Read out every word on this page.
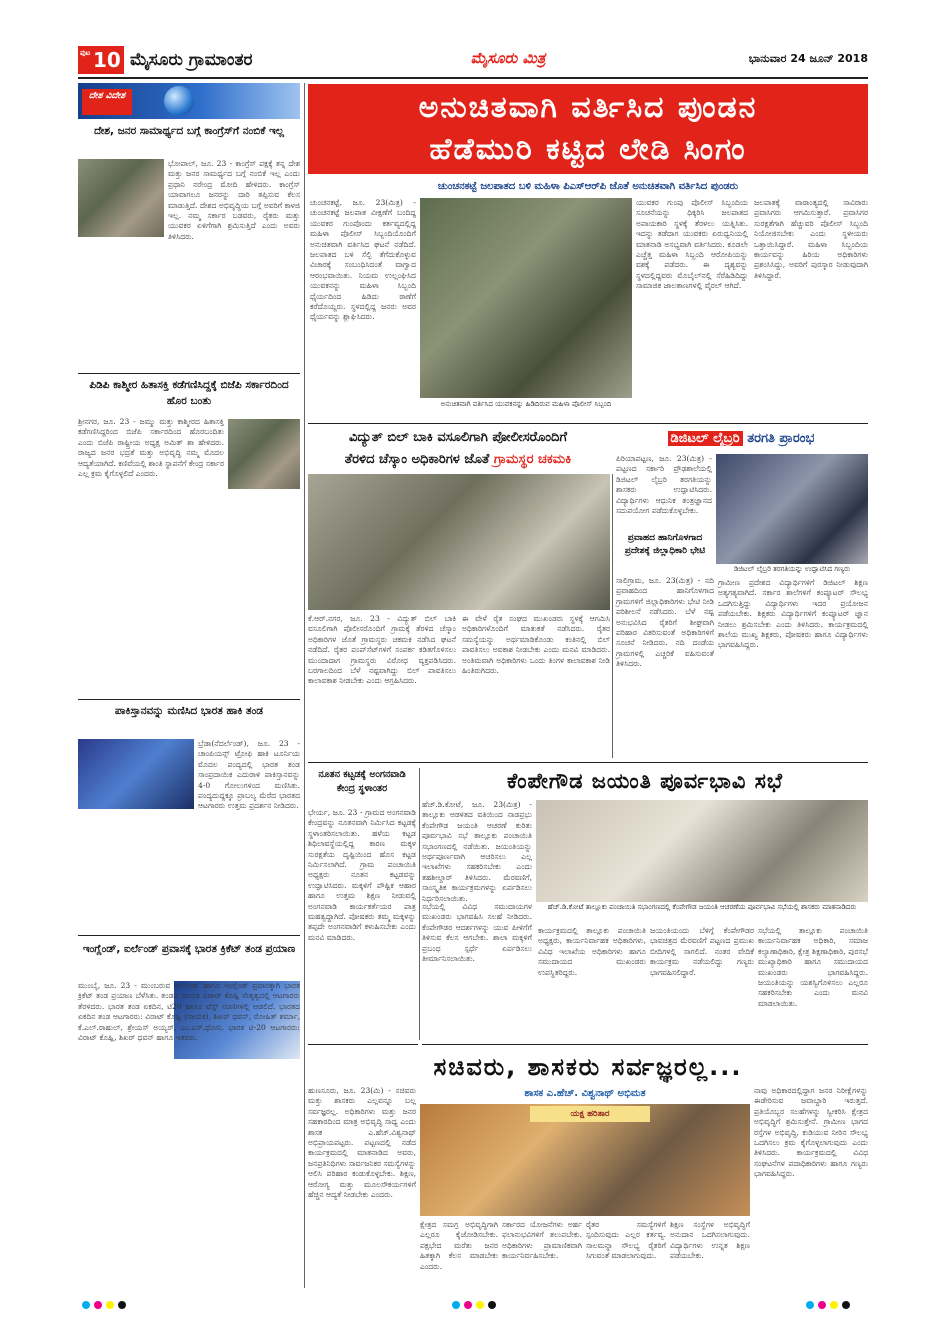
ಪುಟ 10 ಮೈಸೂರು ಗ್ರಾಮಾಂತರ	ಮೈಸೂರು ಮಿತ್ರ	ಭಾನುವಾರ 24 ಜೂನ್ 2018
ದೇಶ ವಿದೇಶ
ದೇಶ, ಜನರ ಸಾಮಾರ್ಥ್ಯದ ಬಗ್ಗೆ ಕಾಂಗ್ರೆಸ್‌ಗೆ ನಂಬಿಕೆ ಇಲ್ಲ
ಭೋಪಾಲ್, ಜೂ. 23 - ಕಾಂಗ್ರೆಸ್ ಪಕ್ಷಕ್ಕೆ ತನ್ನ ದೇಶ ಮತ್ತು ಜನರ ಸಾಮರ್ಥ್ಯದ ಬಗ್ಗೆ ನಂಬಿಕೆ ಇಲ್ಲ ಎಂದು ಪ್ರಧಾನಿ ನರೇಂದ್ರ ಮೋದಿ ಹೇಳಿದರು. ಕಾಂಗ್ರೆಸ್ ಯಾವಾಗಲೂ ಜನರನ್ನು ದಾರಿ ತಪ್ಪಿಸುವ ಕೆಲಸ ಮಾಡುತ್ತಿದೆ. ದೇಶದ ಅಭಿವೃದ್ಧಿಯ ಬಗ್ಗೆ ಅವರಿಗೆ ಕಾಳಜಿ ಇಲ್ಲ. ನಮ್ಮ ಸರ್ಕಾರ ಬಡವರು, ರೈತರು ಮತ್ತು ಯುವಕರ ಏಳಿಗೆಗಾಗಿ ಶ್ರಮಿಸುತ್ತಿದೆ ಎಂದು ಅವರು ತಿಳಿಸಿದರು.
ಪಿಡಿಪಿ ಕಾಶ್ಮೀರ ಹಿತಾಸಕ್ತಿ ಕಡೆಗಣಿಸಿದ್ದಕ್ಕೆ ಬಿಜೆಪಿ ಸರ್ಕಾರದಿಂದ ಹೊರ ಬಂತು
ಶ್ರೀನಗರ, ಜೂ. 23 - ಜಮ್ಮು ಮತ್ತು ಕಾಶ್ಮೀರದ ಹಿತಾಸಕ್ತಿ ಕಡೆಗಣಿಸಿದ್ದರಿಂದ ಬಿಜೆಪಿ ಸರ್ಕಾರದಿಂದ ಹೊರಬಂದಿತು ಎಂದು ಬಿಜೆಪಿ ರಾಷ್ಟ್ರೀಯ ಅಧ್ಯಕ್ಷ ಅಮಿತ್ ಶಾ ಹೇಳಿದರು. ರಾಜ್ಯದ ಜನರ ಭದ್ರತೆ ಮತ್ತು ಅಭಿವೃದ್ಧಿ ನಮ್ಮ ಮೊದಲ ಆದ್ಯತೆಯಾಗಿದೆ. ಕಣಿವೆಯಲ್ಲಿ ಶಾಂತಿ ಸ್ಥಾಪನೆಗೆ ಕೇಂದ್ರ ಸರ್ಕಾರ ಎಲ್ಲ ಕ್ರಮ ಕೈಗೊಳ್ಳಲಿದೆ ಎಂದರು.
ಪಾಕಿಸ್ತಾನವನ್ನು ಮಣಿಸಿದ ಭಾರತ ಹಾಕಿ ತಂಡ
ಬ್ರೆಡಾ(ನೆದರ್ಲೆಂಡ್), ಜೂ. 23 - ಚಾಂಪಿಯನ್ಸ್ ಟ್ರೋಫಿ ಹಾಕಿ ಟೂರ್ನಿಯ ಮೊದಲ ಪಂದ್ಯದಲ್ಲಿ ಭಾರತ ತಂಡ ಸಾಂಪ್ರದಾಯಿಕ ಎದುರಾಳಿ ಪಾಕಿಸ್ತಾನವನ್ನು 4-0 ಗೋಲುಗಳಿಂದ ಮಣಿಸಿತು. ಪಂದ್ಯದುದ್ದಕ್ಕೂ ಪ್ರಾಬಲ್ಯ ಮೆರೆದ ಭಾರತದ ಆಟಗಾರರು ಉತ್ತಮ ಪ್ರದರ್ಶನ ನೀಡಿದರು.
ಇಂಗ್ಲೆಂಡ್, ಐರ್ಲೆಂಡ್ ಪ್ರವಾಸಕ್ಕೆ ಭಾರತ ಕ್ರಿಕೆಟ್ ತಂಡ ಪ್ರಯಾಣ
ಮುಂಬೈ, ಜೂ. 23 - ಮುಂಬರುವ ಐರ್ಲೆಂಡ್ ಹಾಗೂ ಇಂಗ್ಲೆಂಡ್ ಪ್ರವಾಸಕ್ಕಾಗಿ ಭಾರತ ಕ್ರಿಕೆಟ್ ತಂಡ ಪ್ರಯಾಣ ಬೆಳೆಸಿತು. ತಂಡದ ನಾಯಕ ವಿರಾಟ್ ಕೊಹ್ಲಿ ನೇತೃತ್ವದಲ್ಲಿ ಆಟಗಾರರು ತೆರಳಿದರು. ಭಾರತ ತಂಡ ಏಕದಿನ, ಟಿ20 ಹಾಗೂ ಟೆಸ್ಟ್ ಸರಣಿಗಳಲ್ಲಿ ಆಡಲಿದೆ. ಭಾರತದ ಏಕದಿನ ತಂಡ ಆಟಗಾರರು: ವಿರಾಟ್ ಕೊಹ್ಲಿ (ನಾಯಕ), ಶಿಖರ್ ಧವನ್, ರೋಹಿತ್ ಶರ್ಮಾ, ಕೆ.ಎಲ್.ರಾಹುಲ್, ಶ್ರೇಯಸ್ ಅಯ್ಯರ್, ಎಂ.ಎಸ್.ಧೋನಿ. ಭಾರತ ಟಿ-20 ಆಟಗಾರರು: ವಿರಾಟ್ ಕೊಹ್ಲಿ, ಶಿಖರ್ ಧವನ್ ಹಾಗೂ ಇತರರು.
ಅನುಚಿತವಾಗಿ ವರ್ತಿಸಿದ ಪುಂಡನ
ಹೆಡೆಮುರಿ ಕಟ್ಟಿದ ಲೇಡಿ ಸಿಂಗಂ
ಚುಂಚನಕಟ್ಟೆ ಜಲಪಾತದ ಬಳಿ ಮಹಿಳಾ ಪಿಎಸ್‌ಆರ್‌ಪಿ ಜೊತೆ ಅನುಚಿತವಾಗಿ ವರ್ತಿಸಿದ ಪುಂಡರು
ಚುಂಚನಕಟ್ಟೆ, ಜೂ. 23(ಮಿತ್ರ) - ಚುಂಚನಕಟ್ಟೆ ಜಲಪಾತ ವೀಕ್ಷಣೆಗೆ ಬಂದಿದ್ದ ಯುವಕರ ಗುಂಪೊಂದು ಕರ್ತವ್ಯದಲ್ಲಿದ್ದ ಮಹಿಳಾ ಪೊಲೀಸ್ ಸಿಬ್ಬಂದಿಯೊಂದಿಗೆ ಅನುಚಿತವಾಗಿ ವರ್ತಿಸಿದ ಘಟನೆ ನಡೆದಿದೆ. ಜಲಪಾತದ ಬಳಿ ಸೆಲ್ಫಿ ತೆಗೆದುಕೊಳ್ಳುವ ವಿಚಾರಕ್ಕೆ ಸಂಬಂಧಿಸಿದಂತೆ ವಾಗ್ವಾದ ಆರಂಭವಾಯಿತು. ನಿಯಮ ಉಲ್ಲಂಘಿಸಿದ ಯುವಕನನ್ನು ಮಹಿಳಾ ಸಿಬ್ಬಂದಿ ಧೈರ್ಯದಿಂದ ಹಿಡಿದು ಠಾಣೆಗೆ ಕರೆದೊಯ್ದರು. ಸ್ಥಳದಲ್ಲಿದ್ದ ಜನರು ಅವರ ಧೈರ್ಯವನ್ನು ಶ್ಲಾಘಿಸಿದರು.
ಅನುಚಿತವಾಗಿ ವರ್ತಿಸಿದ ಯುವಕನನ್ನು ಹಿಡಿದಿರುವ ಮಹಿಳಾ ಪೊಲೀಸ್ ಸಿಬ್ಬಂದಿ
ಯುವಕರ ಗುಂಪು ಪೊಲೀಸ್ ಸಿಬ್ಬಂದಿಯ ಸೂಚನೆಯನ್ನು ಧಿಕ್ಕರಿಸಿ ಜಲಪಾತದ ಅಪಾಯಕಾರಿ ಸ್ಥಳಕ್ಕೆ ತೆರಳಲು ಯತ್ನಿಸಿತು. ಇದನ್ನು ತಡೆದಾಗ ಯುವಕರು ಏರುಧ್ವನಿಯಲ್ಲಿ ಮಾತನಾಡಿ ಅಸಭ್ಯವಾಗಿ ವರ್ತಿಸಿದರು. ಕೂಡಲೇ ಎಚ್ಚೆತ್ತ ಮಹಿಳಾ ಸಿಬ್ಬಂದಿ ಆರೋಪಿಯನ್ನು ವಶಕ್ಕೆ ಪಡೆದರು. ಈ ದೃಶ್ಯವನ್ನು ಸ್ಥಳದಲ್ಲಿದ್ದವರು ಮೊಬೈಲ್‌ನಲ್ಲಿ ಸೆರೆಹಿಡಿದಿದ್ದು ಸಾಮಾಜಿಕ ಜಾಲತಾಣಗಳಲ್ಲಿ ವೈರಲ್ ಆಗಿದೆ.
ಜಲಪಾತಕ್ಕೆ ವಾರಾಂತ್ಯದಲ್ಲಿ ಸಾವಿರಾರು ಪ್ರವಾಸಿಗರು ಆಗಮಿಸುತ್ತಾರೆ. ಪ್ರವಾಸಿಗರ ಸುರಕ್ಷತೆಗಾಗಿ ಹೆಚ್ಚುವರಿ ಪೊಲೀಸ್ ಸಿಬ್ಬಂದಿ ನಿಯೋಜಿಸಬೇಕು ಎಂದು ಸ್ಥಳೀಯರು ಒತ್ತಾಯಿಸಿದ್ದಾರೆ. ಮಹಿಳಾ ಸಿಬ್ಬಂದಿಯ ಕಾರ್ಯವನ್ನು ಹಿರಿಯ ಅಧಿಕಾರಿಗಳು ಪ್ರಶಂಸಿಸಿದ್ದು, ಅವರಿಗೆ ಪುರಸ್ಕಾರ ನೀಡುವುದಾಗಿ ತಿಳಿಸಿದ್ದಾರೆ.
ವಿದ್ಯುತ್ ಬಿಲ್ ಬಾಕಿ ವಸೂಲಿಗಾಗಿ ಪೋಲೀಸರೊಂದಿಗೆ
ತೆರಳಿದ ಚೆಸ್ಕಾಂ ಅಧಿಕಾರಿಗಳ ಜೊತೆ ಗ್ರಾಮಸ್ಥರ ಚಕಮಕಿ
ಕೆ.ಆರ್.ನಗರ, ಜೂ. 23 - ವಿದ್ಯುತ್ ಬಿಲ್ ಬಾಕಿ ವಸೂಲಿಗಾಗಿ ಪೊಲೀಸರೊಂದಿಗೆ ಗ್ರಾಮಕ್ಕೆ ತೆರಳಿದ ಚೆಸ್ಕಾಂ ಅಧಿಕಾರಿಗಳ ಜೊತೆ ಗ್ರಾಮಸ್ಥರು ಚಕಮಕಿ ನಡೆಸಿದ ಘಟನೆ ನಡೆದಿದೆ. ರೈತರ ಪಂಪ್‌ಸೆಟ್‌ಗಳಿಗೆ ಸಂಪರ್ಕ ಕಡಿತಗೊಳಿಸಲು ಮುಂದಾದಾಗ ಗ್ರಾಮಸ್ಥರು ವಿರೋಧ ವ್ಯಕ್ತಪಡಿಸಿದರು. ಬರಗಾಲದಿಂದ ಬೆಳೆ ನಷ್ಟವಾಗಿದ್ದು ಬಿಲ್ ಪಾವತಿಸಲು ಕಾಲಾವಕಾಶ ನೀಡಬೇಕು ಎಂದು ಆಗ್ರಹಿಸಿದರು.
ಈ ವೇಳೆ ರೈತ ಸಂಘದ ಮುಖಂಡರು ಸ್ಥಳಕ್ಕೆ ಆಗಮಿಸಿ ಅಧಿಕಾರಿಗಳೊಂದಿಗೆ ಮಾತುಕತೆ ನಡೆಸಿದರು. ರೈತರ ಸಮಸ್ಯೆಯನ್ನು ಅರ್ಥಮಾಡಿಕೊಂಡು ಕಂತಿನಲ್ಲಿ ಬಿಲ್ ಪಾವತಿಸಲು ಅವಕಾಶ ನೀಡಬೇಕು ಎಂದು ಮನವಿ ಮಾಡಿದರು. ಅಂತಿಮವಾಗಿ ಅಧಿಕಾರಿಗಳು ಒಂದು ತಿಂಗಳ ಕಾಲಾವಕಾಶ ನೀಡಿ ಹಿಂತಿರುಗಿದರು.
ಪ್ರವಾಹದ ಹಾನಿಗೊಳಗಾದ ಪ್ರದೇಶಕ್ಕೆ ಜಿಲ್ಲಾಧಿಕಾರಿ ಭೇಟಿ
ಸಾಲಿಗ್ರಾಮ, ಜೂ. 23(ಮಿತ್ರ) - ನದಿ ಪ್ರವಾಹದಿಂದ ಹಾನಿಗೊಳಗಾದ ಗ್ರಾಮಗಳಿಗೆ ಜಿಲ್ಲಾಧಿಕಾರಿಗಳು ಭೇಟಿ ನೀಡಿ ಪರಿಶೀಲನೆ ನಡೆಸಿದರು. ಬೆಳೆ ನಷ್ಟ ಅನುಭವಿಸಿದ ರೈತರಿಗೆ ಶೀಘ್ರವಾಗಿ ಪರಿಹಾರ ವಿತರಿಸುವಂತೆ ಅಧಿಕಾರಿಗಳಿಗೆ ಸೂಚನೆ ನೀಡಿದರು. ನದಿ ದಂಡೆಯ ಗ್ರಾಮಗಳಲ್ಲಿ ಎಚ್ಚರಿಕೆ ವಹಿಸುವಂತೆ ತಿಳಿಸಿದರು.
ಡಿಜಿಟಲ್ ಲೈಬ್ರರಿ ತರಗತಿ ಪ್ರಾರಂಭ
ಪಿರಿಯಾಪಟ್ಟಣ, ಜೂ. 23(ಮಿತ್ರ) - ಪಟ್ಟಣದ ಸರ್ಕಾರಿ ಪ್ರೌಢಶಾಲೆಯಲ್ಲಿ ಡಿಜಿಟಲ್ ಲೈಬ್ರರಿ ತರಗತಿಯನ್ನು ಶಾಸಕರು ಉದ್ಘಾಟಿಸಿದರು. ವಿದ್ಯಾರ್ಥಿಗಳು ಆಧುನಿಕ ತಂತ್ರಜ್ಞಾನದ ಸದುಪಯೋಗ ಪಡೆದುಕೊಳ್ಳಬೇಕು.
ಡಿಜಿಟಲ್ ಲೈಬ್ರರಿ ತರಗತಿಯನ್ನು ಉದ್ಘಾಟಿಸಿದ ಗಣ್ಯರು
ಗ್ರಾಮೀಣ ಪ್ರದೇಶದ ವಿದ್ಯಾರ್ಥಿಗಳಿಗೆ ಡಿಜಿಟಲ್ ಶಿಕ್ಷಣ ಅತ್ಯಗತ್ಯವಾಗಿದೆ. ಸರ್ಕಾರ ಶಾಲೆಗಳಿಗೆ ಕಂಪ್ಯೂಟರ್ ಸೌಲಭ್ಯ ಒದಗಿಸುತ್ತಿದ್ದು ವಿದ್ಯಾರ್ಥಿಗಳು ಇದರ ಪ್ರಯೋಜನ ಪಡೆಯಬೇಕು. ಶಿಕ್ಷಕರು ವಿದ್ಯಾರ್ಥಿಗಳಿಗೆ ಕಂಪ್ಯೂಟರ್ ಜ್ಞಾನ ನೀಡಲು ಶ್ರಮಿಸಬೇಕು ಎಂದು ತಿಳಿಸಿದರು. ಕಾರ್ಯಕ್ರಮದಲ್ಲಿ ಶಾಲೆಯ ಮುಖ್ಯ ಶಿಕ್ಷಕರು, ಪೋಷಕರು ಹಾಗೂ ವಿದ್ಯಾರ್ಥಿಗಳು ಭಾಗವಹಿಸಿದ್ದರು.
ನೂತನ ಕಟ್ಟಡಕ್ಕೆ ಅಂಗನವಾಡಿ ಕೇಂದ್ರ ಸ್ಥಳಾಂತರ
ಭೇರ್ಯ, ಜೂ. 23 - ಗ್ರಾಮದ ಅಂಗನವಾಡಿ ಕೇಂದ್ರವನ್ನು ನೂತನವಾಗಿ ನಿರ್ಮಿಸಿದ ಕಟ್ಟಡಕ್ಕೆ ಸ್ಥಳಾಂತರಿಸಲಾಯಿತು. ಹಳೆಯ ಕಟ್ಟಡ ಶಿಥಿಲಾವಸ್ಥೆಯಲ್ಲಿದ್ದ ಕಾರಣ ಮಕ್ಕಳ ಸುರಕ್ಷತೆಯ ದೃಷ್ಟಿಯಿಂದ ಹೊಸ ಕಟ್ಟಡ ನಿರ್ಮಿಸಲಾಗಿದೆ. ಗ್ರಾಮ ಪಂಚಾಯಿತಿ ಅಧ್ಯಕ್ಷರು ನೂತನ ಕಟ್ಟಡವನ್ನು ಉದ್ಘಾಟಿಸಿದರು. ಮಕ್ಕಳಿಗೆ ಪೌಷ್ಟಿಕ ಆಹಾರ ಹಾಗೂ ಉತ್ತಮ ಶಿಕ್ಷಣ ನೀಡುವಲ್ಲಿ ಅಂಗನವಾಡಿ ಕಾರ್ಯಕರ್ತೆಯರ ಪಾತ್ರ ಮಹತ್ವದ್ದಾಗಿದೆ. ಪೋಷಕರು ತಮ್ಮ ಮಕ್ಕಳನ್ನು ತಪ್ಪದೇ ಅಂಗನವಾಡಿಗೆ ಕಳುಹಿಸಬೇಕು ಎಂದು ಮನವಿ ಮಾಡಿದರು.
ಕೆಂಪೇಗೌಡ ಜಯಂತಿ ಪೂರ್ವಭಾವಿ ಸಭೆ
ಹೆಚ್.ಡಿ.ಕೋಟೆ, ಜೂ. 23(ಮಿತ್ರ) - ತಾಲ್ಲೂಕು ಆಡಳಿತದ ವತಿಯಿಂದ ನಾಡಪ್ರಭು ಕೆಂಪೇಗೌಡ ಜಯಂತಿ ಆಚರಣೆ ಕುರಿತು ಪೂರ್ವಭಾವಿ ಸಭೆ ತಾಲ್ಲೂಕು ಪಂಚಾಯಿತಿ ಸಭಾಂಗಣದಲ್ಲಿ ನಡೆಯಿತು. ಜಯಂತಿಯನ್ನು ಅರ್ಥಪೂರ್ಣವಾಗಿ ಆಚರಿಸಲು ಎಲ್ಲ ಇಲಾಖೆಗಳು ಸಹಕರಿಸಬೇಕು ಎಂದು ತಹಶೀಲ್ದಾರ್ ತಿಳಿಸಿದರು. ಮೆರವಣಿಗೆ, ಸಾಂಸ್ಕೃತಿಕ ಕಾರ್ಯಕ್ರಮಗಳನ್ನು ಏರ್ಪಡಿಸಲು ನಿರ್ಧರಿಸಲಾಯಿತು.
ಹೆಚ್.ಡಿ.ಕೋಟೆ ತಾಲ್ಲೂಕು ಪಂಚಾಯಿತಿ ಸಭಾಂಗಣದಲ್ಲಿ ಕೆಂಪೇಗೌಡ ಜಯಂತಿ ಆಚರಣೆಯ ಪೂರ್ವಭಾವಿ ಸಭೆಯಲ್ಲಿ ಶಾಸಕರು ಮಾತನಾಡಿದರು
ಸಭೆಯಲ್ಲಿ ವಿವಿಧ ಸಮುದಾಯಗಳ ಮುಖಂಡರು ಭಾಗವಹಿಸಿ ಸಲಹೆ ನೀಡಿದರು. ಕೆಂಪೇಗೌಡರ ಆದರ್ಶಗಳನ್ನು ಯುವ ಪೀಳಿಗೆಗೆ ತಿಳಿಸುವ ಕೆಲಸ ಆಗಬೇಕು. ಶಾಲಾ ಮಕ್ಕಳಿಗೆ ಪ್ರಬಂಧ ಸ್ಪರ್ಧೆ ಏರ್ಪಡಿಸಲು ತೀರ್ಮಾನಿಸಲಾಯಿತು.
ಕಾರ್ಯಕ್ರಮದಲ್ಲಿ ತಾಲ್ಲೂಕು ಪಂಚಾಯಿತಿ ಅಧ್ಯಕ್ಷರು, ಕಾರ್ಯನಿರ್ವಾಹಕ ಅಧಿಕಾರಿಗಳು, ವಿವಿಧ ಇಲಾಖೆಯ ಅಧಿಕಾರಿಗಳು ಹಾಗೂ ಸಮುದಾಯದ ಮುಖಂಡರು ಉಪಸ್ಥಿತರಿದ್ದರು.
ಜಯಂತಿಯಂದು ಬೆಳಿಗ್ಗೆ ಕೆಂಪೇಗೌಡರ ಭಾವಚಿತ್ರದ ಮೆರವಣಿಗೆ ಪಟ್ಟಣದ ಪ್ರಮುಖ ಬೀದಿಗಳಲ್ಲಿ ಸಾಗಲಿದೆ. ನಂತರ ವೇದಿಕೆ ಕಾರ್ಯಕ್ರಮ ನಡೆಯಲಿದ್ದು ಗಣ್ಯರು ಭಾಗವಹಿಸಲಿದ್ದಾರೆ.
ಸಭೆಯಲ್ಲಿ ತಾಲ್ಲೂಕು ಪಂಚಾಯಿತಿ ಕಾರ್ಯನಿರ್ವಾಹಕ ಅಧಿಕಾರಿ, ಸಮಾಜ ಕಲ್ಯಾಣಾಧಿಕಾರಿ, ಕ್ಷೇತ್ರ ಶಿಕ್ಷಣಾಧಿಕಾರಿ, ಪುರಸಭೆ ಮುಖ್ಯಾಧಿಕಾರಿ ಹಾಗೂ ಸಮುದಾಯದ ಮುಖಂಡರು ಭಾಗವಹಿಸಿದ್ದರು. ಜಯಂತಿಯನ್ನು ಯಶಸ್ವಿಗೊಳಿಸಲು ಎಲ್ಲರೂ ಸಹಕರಿಸಬೇಕು ಎಂದು ಮನವಿ ಮಾಡಲಾಯಿತು.
ಸಚಿವರು, ಶಾಸಕರು ಸರ್ವಜ್ಞರಲ್ಲ...
ಶಾಸಕ ಎ.ಹೆಚ್. ವಿಶ್ವನಾಥ್ ಅಭಿಮತ
ಹುಣಸೂರು, ಜೂ. 23(ಮಿ) - ಸಚಿವರು ಮತ್ತು ಶಾಸಕರು ಎಲ್ಲವನ್ನೂ ಬಲ್ಲ ಸರ್ವಜ್ಞರಲ್ಲ. ಅಧಿಕಾರಿಗಳು ಮತ್ತು ಜನರ ಸಹಕಾರದಿಂದ ಮಾತ್ರ ಅಭಿವೃದ್ಧಿ ಸಾಧ್ಯ ಎಂದು ಶಾಸಕ ಎ.ಹೆಚ್.ವಿಶ್ವನಾಥ್ ಅಭಿಪ್ರಾಯಪಟ್ಟರು. ಪಟ್ಟಣದಲ್ಲಿ ನಡೆದ ಕಾರ್ಯಕ್ರಮದಲ್ಲಿ ಮಾತನಾಡಿದ ಅವರು, ಜನಪ್ರತಿನಿಧಿಗಳು ಸಾರ್ವಜನಿಕರ ಸಮಸ್ಯೆಗಳನ್ನು ಆಲಿಸಿ ಪರಿಹಾರ ಕಂಡುಕೊಳ್ಳಬೇಕು. ಶಿಕ್ಷಣ, ಆರೋಗ್ಯ ಮತ್ತು ಮೂಲಸೌಕರ್ಯಗಳಿಗೆ ಹೆಚ್ಚಿನ ಆದ್ಯತೆ ನೀಡಬೇಕು ಎಂದರು.
ಯಕ್ಷ ಹರಿತಾರ
ನಾವು ಅಧಿಕಾರದಲ್ಲಿದ್ದಾಗ ಜನರ ನಿರೀಕ್ಷೆಗಳನ್ನು ಈಡೇರಿಸುವ ಜವಾಬ್ದಾರಿ ಇರುತ್ತದೆ. ಪ್ರತಿಯೊಬ್ಬರ ಸಲಹೆಗಳನ್ನು ಸ್ವೀಕರಿಸಿ ಕ್ಷೇತ್ರದ ಅಭಿವೃದ್ಧಿಗೆ ಶ್ರಮಿಸುತ್ತೇನೆ. ಗ್ರಾಮೀಣ ಭಾಗದ ರಸ್ತೆಗಳ ಅಭಿವೃದ್ಧಿ, ಕುಡಿಯುವ ನೀರಿನ ಸೌಲಭ್ಯ ಒದಗಿಸಲು ಕ್ರಮ ಕೈಗೊಳ್ಳಲಾಗುವುದು ಎಂದು ತಿಳಿಸಿದರು. ಕಾರ್ಯಕ್ರಮದಲ್ಲಿ ವಿವಿಧ ಸಂಘಟನೆಗಳ ಪದಾಧಿಕಾರಿಗಳು ಹಾಗೂ ಗಣ್ಯರು ಭಾಗವಹಿಸಿದ್ದರು.
ಕ್ಷೇತ್ರದ ಸಮಗ್ರ ಅಭಿವೃದ್ಧಿಗಾಗಿ ಎಲ್ಲರೂ ಕೈಜೋಡಿಸಬೇಕು. ಪಕ್ಷಭೇದ ಮರೆತು ಜನರ ಹಿತಕ್ಕಾಗಿ ಕೆಲಸ ಮಾಡಬೇಕು ಎಂದರು.
ಸರ್ಕಾರದ ಯೋಜನೆಗಳು ಅರ್ಹ ಫಲಾನುಭವಿಗಳಿಗೆ ತಲುಪಬೇಕು. ಅಧಿಕಾರಿಗಳು ಪ್ರಾಮಾಣಿಕವಾಗಿ ಕಾರ್ಯನಿರ್ವಹಿಸಬೇಕು.
ರೈತರ ಸಮಸ್ಯೆಗಳಿಗೆ ಸ್ಪಂದಿಸುವುದು ಎಲ್ಲರ ಕರ್ತವ್ಯ. ಸಾಲಮನ್ನಾ ಸೌಲಭ್ಯ ರೈತರಿಗೆ ಸಿಗುವಂತೆ ಮಾಡಲಾಗುವುದು.
ಶಿಕ್ಷಣ ಸಂಸ್ಥೆಗಳ ಅಭಿವೃದ್ಧಿಗೆ ಅನುದಾನ ಒದಗಿಸಲಾಗುವುದು. ವಿದ್ಯಾರ್ಥಿಗಳು ಉನ್ನತ ಶಿಕ್ಷಣ ಪಡೆಯಬೇಕು.
